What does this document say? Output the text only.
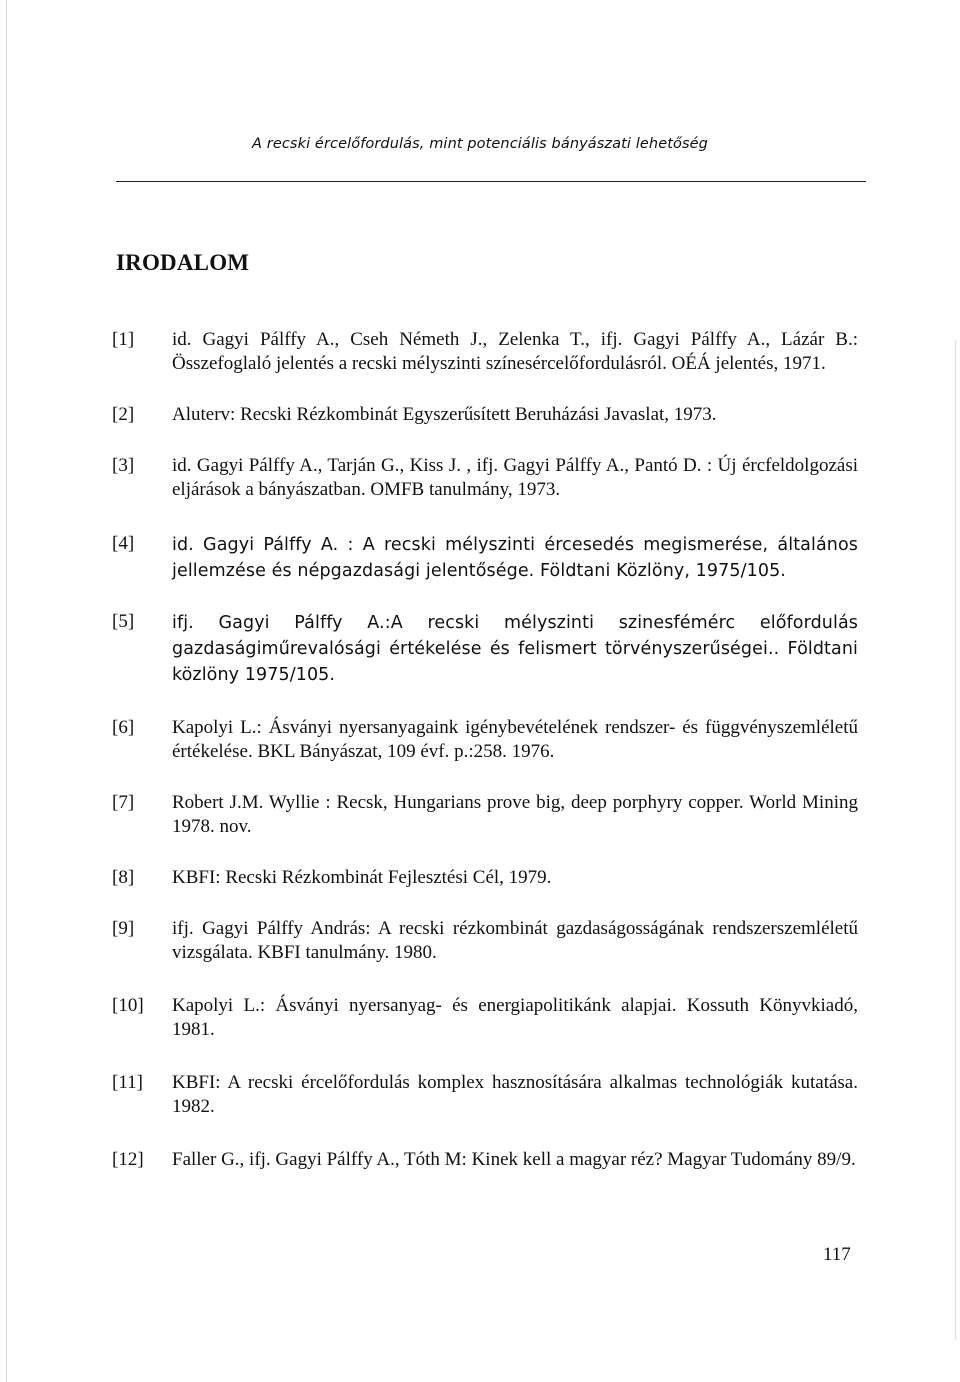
A recski ércelőfordulás, mint potenciális bányászati lehetőség
IRODALOM
[1]	id. Gagyi Pálffy A., Cseh Németh J., Zelenka T., ifj. Gagyi Pálffy A., Lázár B.: Összefoglaló jelentés a recski mélyszinti színesércelőfordulásról. OÉÁ jelentés, 1971.
[2]	Aluterv: Recski Rézkombinát Egyszerűsített Beruházási Javaslat, 1973.
[3]	id. Gagyi Pálffy A., Tarján G., Kiss J. , ifj. Gagyi Pálffy A., Pantó D. : Új ércfeldolgozási eljárások a bányászatban. OMFB tanulmány, 1973.
[4]	id. Gagyi Pálffy A. : A recski mélyszinti ércesedés megismerése, általános jellemzése és népgazdasági jelentősége. Földtani Közlöny, 1975/105.
[5]	ifj. Gagyi Pálffy A.:A recski mélyszinti szinesfémérc előfordulás gazdaságiműrevalósági értékelése és felismert törvényszerűségei.. Földtani közlöny 1975/105.
[6]	Kapolyi L.: Ásványi nyersanyagaink igénybevételének rendszer- és függvényszemléletű értékelése. BKL Bányászat, 109 évf. p.:258. 1976.
[7]	Robert J.M. Wyllie : Recsk, Hungarians prove big, deep porphyry copper. World Mining 1978. nov.
[8]	KBFI: Recski Rézkombinát Fejlesztési Cél, 1979.
[9]	ifj. Gagyi Pálffy András: A recski rézkombinát gazdaságosságának rendszerszemléletű vizsgálata. KBFI tanulmány. 1980.
[10]	Kapolyi L.: Ásványi nyersanyag- és energiapolitikánk alapjai. Kossuth Könyvkiadó, 1981.
[11]	KBFI: A recski ércelőfordulás komplex hasznosítására alkalmas technológiák kutatása. 1982.
[12]	Faller G., ifj. Gagyi Pálffy A., Tóth M: Kinek kell a magyar réz? Magyar Tudomány 89/9.
117
